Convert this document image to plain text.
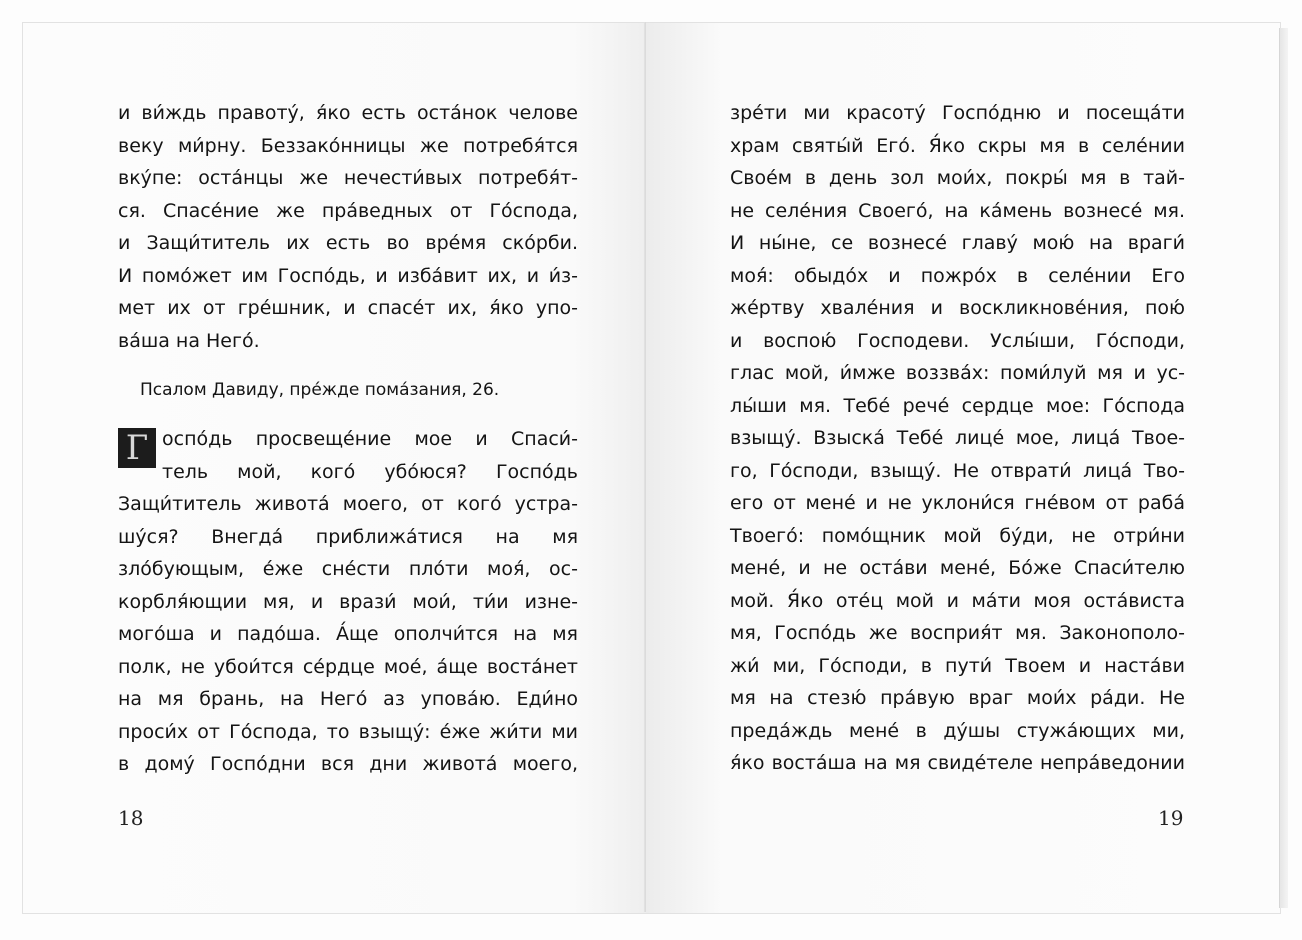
и ви́ждь правоту́, я́ко есть оста́нок челове
веку ми́рну. Беззако́нницы же потребя́тся
вку́пе: оста́нцы же нечести́вых потребя́т-
ся. Спасе́ние же пра́ведных от Го́спода,
и Защи́титель их есть во вре́мя ско́рби.
И помо́жет им Госпо́дь, и изба́вит их, и и́з-
мет их от гре́шник, и спасе́т их, я́ко упо-
ва́ша на Него́.
Псалом Давиду, пре́жде пома́зания, 26.
Г оспо́дь просвеще́ние мое и Спаси́-
тель мой, кого́ убо́юся? Госпо́дь
Защи́титель живота́ моего, от кого́ устра-
шу́ся? Внегда́ приближа́тися на мя
зло́бующым, е́же сне́сти пло́ти моя́, ос-
корбля́ющии мя, и врази́ мои́, ти́и изне-
мого́ша и падо́ша. А́ще ополчи́тся на мя
полк, не убои́тся се́рдце мое́, а́ще воста́нет
на мя брань, на Него́ аз упова́ю. Еди́но
проси́х от Го́спода, то взыщу́: е́же жи́ти ми
в дому́ Госпо́дни вся дни живота́ моего,
18
зре́ти ми красоту́ Госпо́дню и посеща́ти
храм святы́й Его́. Я́ко скры мя в селе́нии
Свое́м в день зол мои́х, покры́ мя в тай-
не селе́ния Своего́, на ка́мень вознесе́ мя.
И ны́не, се вознесе́ главу́ мою́ на враги́
моя́: обыдо́х и пожро́х в селе́нии Его
же́ртву хвале́ния и воскликнове́ния, пою́
и воспою́ Господеви. Услы́ши, Го́споди,
глас мой, и́мже воззва́х: поми́луй мя и ус-
лы́ши мя. Тебе́ рече́ сердце мое: Го́спода
взыщу́. Взыска́ Тебе́ лице́ мое, лица́ Твое-
го, Го́споди, взыщу́. Не отврати́ лица́ Тво-
его от мене́ и не уклони́ся гне́вом от раба́
Твоего́: помо́щник мой бу́ди, не отри́ни
мене́, и не оста́ви мене́, Бо́же Спаси́телю
мой. Я́ко оте́ц мой и ма́ти моя оста́виста
мя, Госпо́дь же восприя́т мя. Законополо-
жи́ ми, Го́споди, в пути́ Твоем и наста́ви
мя на стезю́ пра́вую враг мои́х ра́ди. Не
преда́ждь мене́ в ду́шы стужа́ющих ми,
я́ко воста́ша на мя свиде́теле непра́ведонии
19
